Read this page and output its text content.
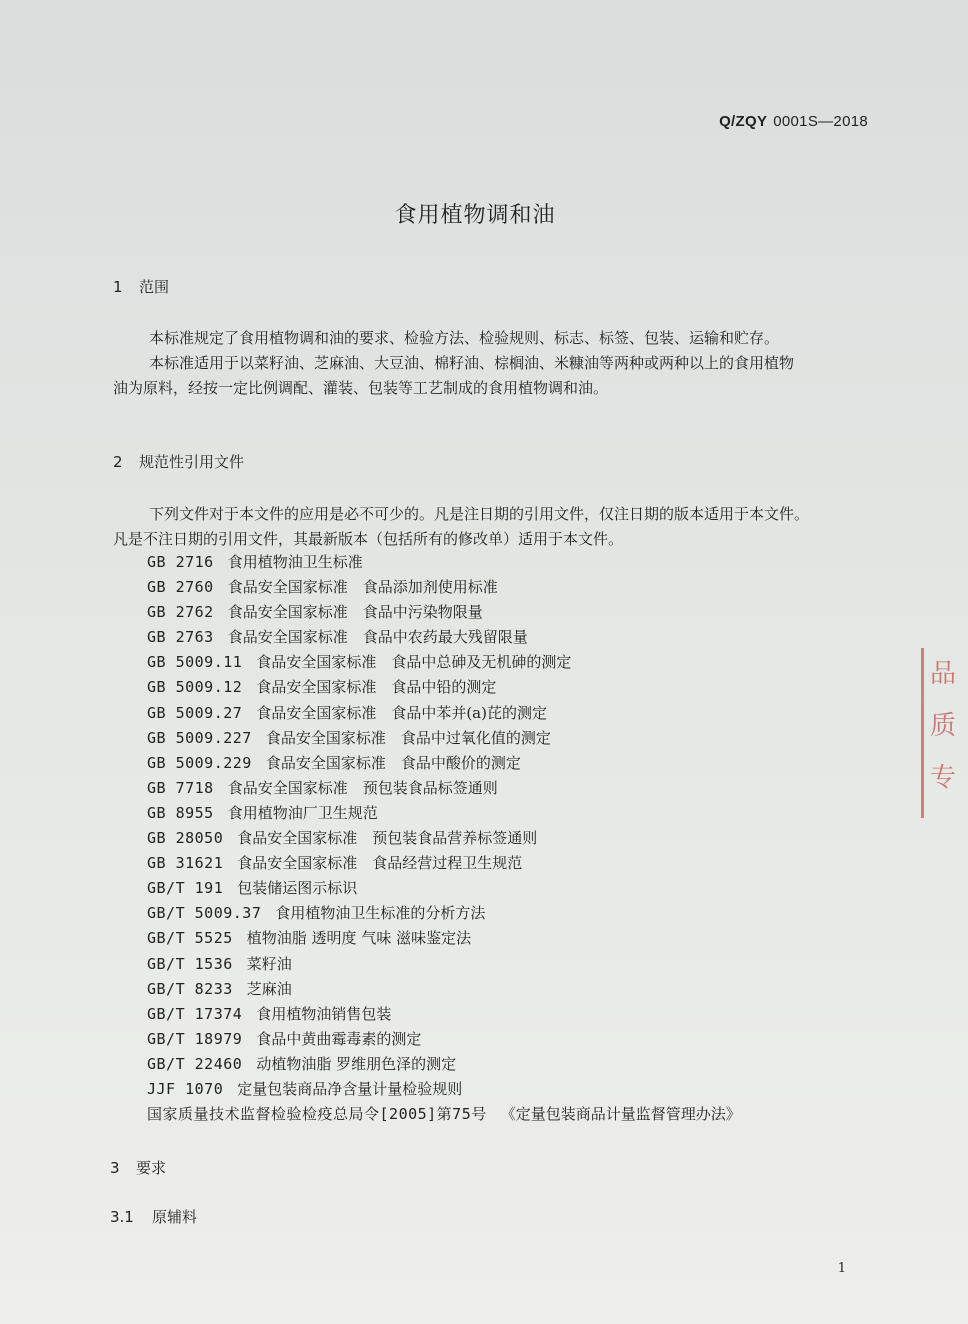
Q/ZQY 0001S—2018
食用植物调和油
1 范围
本标准规定了食用植物调和油的要求、检验方法、检验规则、标志、标签、包装、运输和贮存。
本标准适用于以菜籽油、芝麻油、大豆油、棉籽油、棕榈油、米糠油等两种或两种以上的食用植物
油为原料，经按一定比例调配、灌装、包装等工艺制成的食用植物调和油。
2 规范性引用文件
下列文件对于本文件的应用是必不可少的。凡是注日期的引用文件，仅注日期的版本适用于本文件。
凡是不注日期的引用文件，其最新版本（包括所有的修改单）适用于本文件。
GB 2716 食用植物油卫生标准
GB 2760 食品安全国家标准　食品添加剂使用标准
GB 2762 食品安全国家标准　食品中污染物限量
GB 2763 食品安全国家标准　食品中农药最大残留限量
GB 5009.11 食品安全国家标准　食品中总砷及无机砷的测定
GB 5009.12 食品安全国家标准　食品中铅的测定
GB 5009.27 食品安全国家标准　食品中苯并(a)芘的测定
GB 5009.227 食品安全国家标准　食品中过氧化值的测定
GB 5009.229 食品安全国家标准　食品中酸价的测定
GB 7718 食品安全国家标准　预包装食品标签通则
GB 8955 食用植物油厂卫生规范
GB 28050 食品安全国家标准　预包装食品营养标签通则
GB 31621 食品安全国家标准　食品经营过程卫生规范
GB/T 191 包装储运图示标识
GB/T 5009.37 食用植物油卫生标准的分析方法
GB/T 5525 植物油脂 透明度 气味 滋味鉴定法
GB/T 1536 菜籽油
GB/T 8233 芝麻油
GB/T 17374 食用植物油销售包装
GB/T 18979 食品中黄曲霉毒素的测定
GB/T 22460 动植物油脂 罗维朋色泽的测定
JJF 1070 定量包装商品净含量计量检验规则
国家质量技术监督检验检疫总局令[2005]第75号 《定量包装商品计量监督管理办法》
3 要求
3.1 原辅料
1
品 质 专
